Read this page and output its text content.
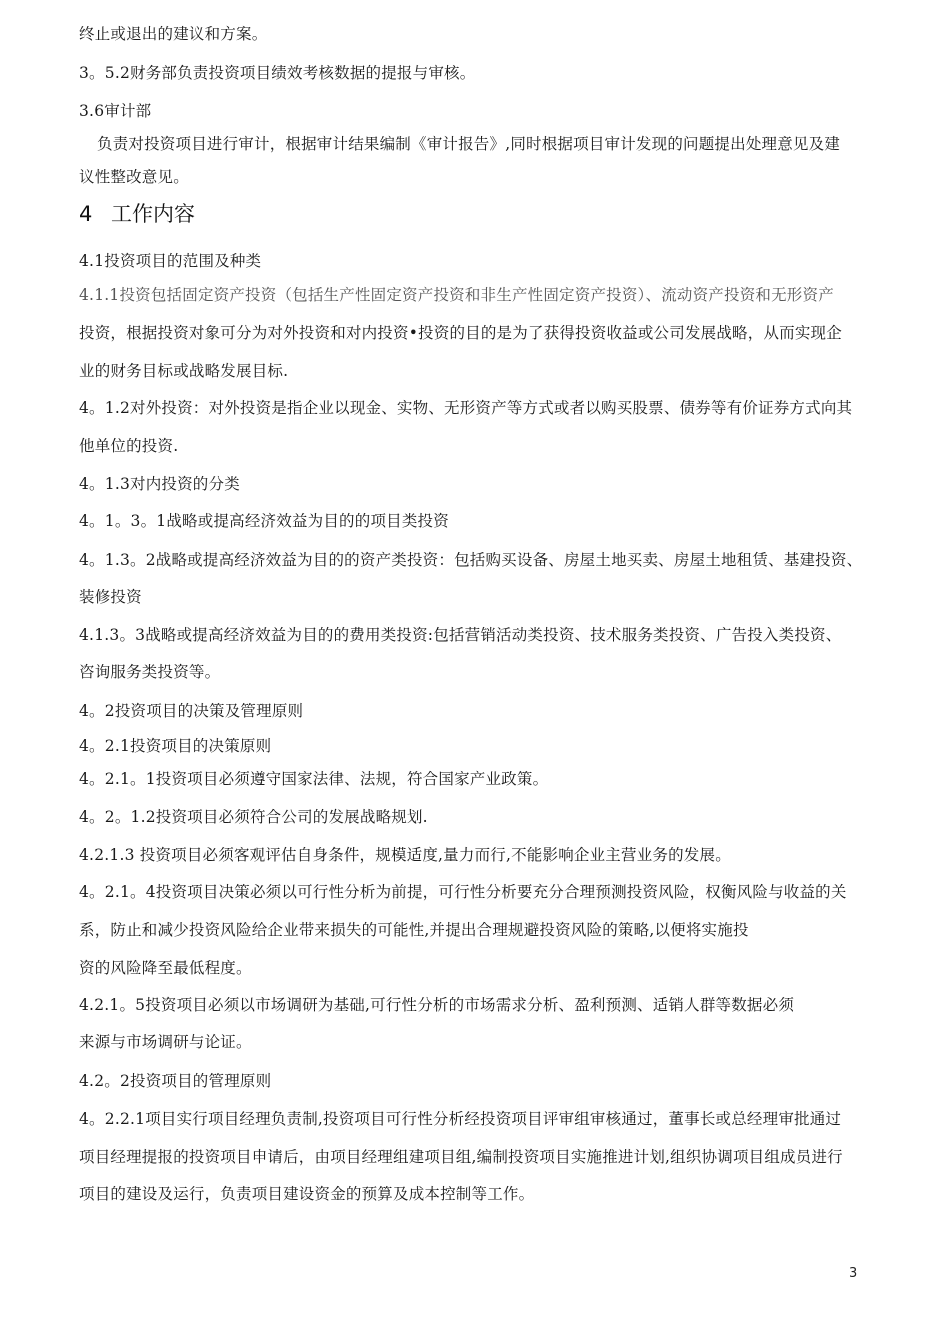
终止或退出的建议和方案。
3。5.2财务部负责投资项目绩效考核数据的提报与审核。
3.6审计部
负责对投资项目进行审计，根据审计结果编制《审计报告》,同时根据项目审计发现的问题提出处理意见及建
议性整改意见。
4 工作内容
4.1投资项目的范围及种类
4.1.1投资包括固定资产投资（包括生产性固定资产投资和非生产性固定资产投资）、流动资产投资和无形资产
投资，根据投资对象可分为对外投资和对内投资•投资的目的是为了获得投资收益或公司发展战略，从而实现企
业的财务目标或战略发展目标.
4。1.2对外投资：对外投资是指企业以现金、实物、无形资产等方式或者以购买股票、债券等有价证券方式向其
他单位的投资.
4。1.3对内投资的分类
4。1。3。1战略或提高经济效益为目的的项目类投资
4。1.3。2战略或提高经济效益为目的的资产类投资：包括购买设备、房屋土地买卖、房屋土地租赁、基建投资、
装修投资
4.1.3。3战略或提高经济效益为目的的费用类投资:包括营销活动类投资、技术服务类投资、广告投入类投资、
咨询服务类投资等。
4。2投资项目的决策及管理原则
4。2.1投资项目的决策原则
4。2.1。1投资项目必须遵守国家法律、法规，符合国家产业政策。
4。2。1.2投资项目必须符合公司的发展战略规划.
4.2.1.3 投资项目必须客观评估自身条件，规模适度,量力而行,不能影响企业主营业务的发展。
4。2.1。4投资项目决策必须以可行性分析为前提，可行性分析要充分合理预测投资风险，权衡风险与收益的关
系，防止和减少投资风险给企业带来损失的可能性,并提出合理规避投资风险的策略,以便将实施投
资的风险降至最低程度。
4.2.1。5投资项目必须以市场调研为基础,可行性分析的市场需求分析、盈利预测、适销人群等数据必须
来源与市场调研与论证。
4.2。2投资项目的管理原则
4。2.2.1项目实行项目经理负责制,投资项目可行性分析经投资项目评审组审核通过，董事长或总经理审批通过
项目经理提报的投资项目申请后，由项目经理组建项目组,编制投资项目实施推进计划,组织协调项目组成员进行
项目的建设及运行，负责项目建设资金的预算及成本控制等工作。
3
